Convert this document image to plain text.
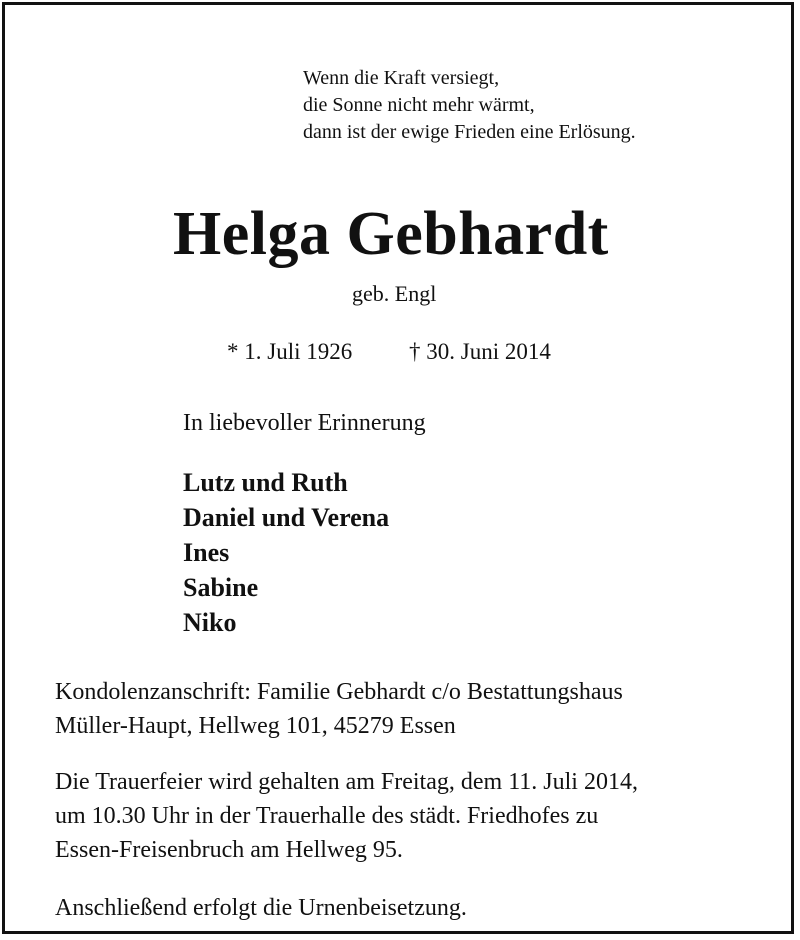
Wenn die Kraft versiegt,
die Sonne nicht mehr wärmt,
dann ist der ewige Frieden eine Erlösung.
Helga Gebhardt
geb. Engl
* 1. Juli 1926 † 30. Juni 2014
In liebevoller Erinnerung
Lutz und Ruth
Daniel und Verena
Ines
Sabine
Niko
Kondolenzanschrift: Familie Gebhardt c/o Bestattungshaus
Müller-Haupt, Hellweg 101, 45279 Essen
Die Trauerfeier wird gehalten am Freitag, dem 11. Juli 2014,
um 10.30 Uhr in der Trauerhalle des städt. Friedhofes zu
Essen-Freisenbruch am Hellweg 95.
Anschließend erfolgt die Urnenbeisetzung.
